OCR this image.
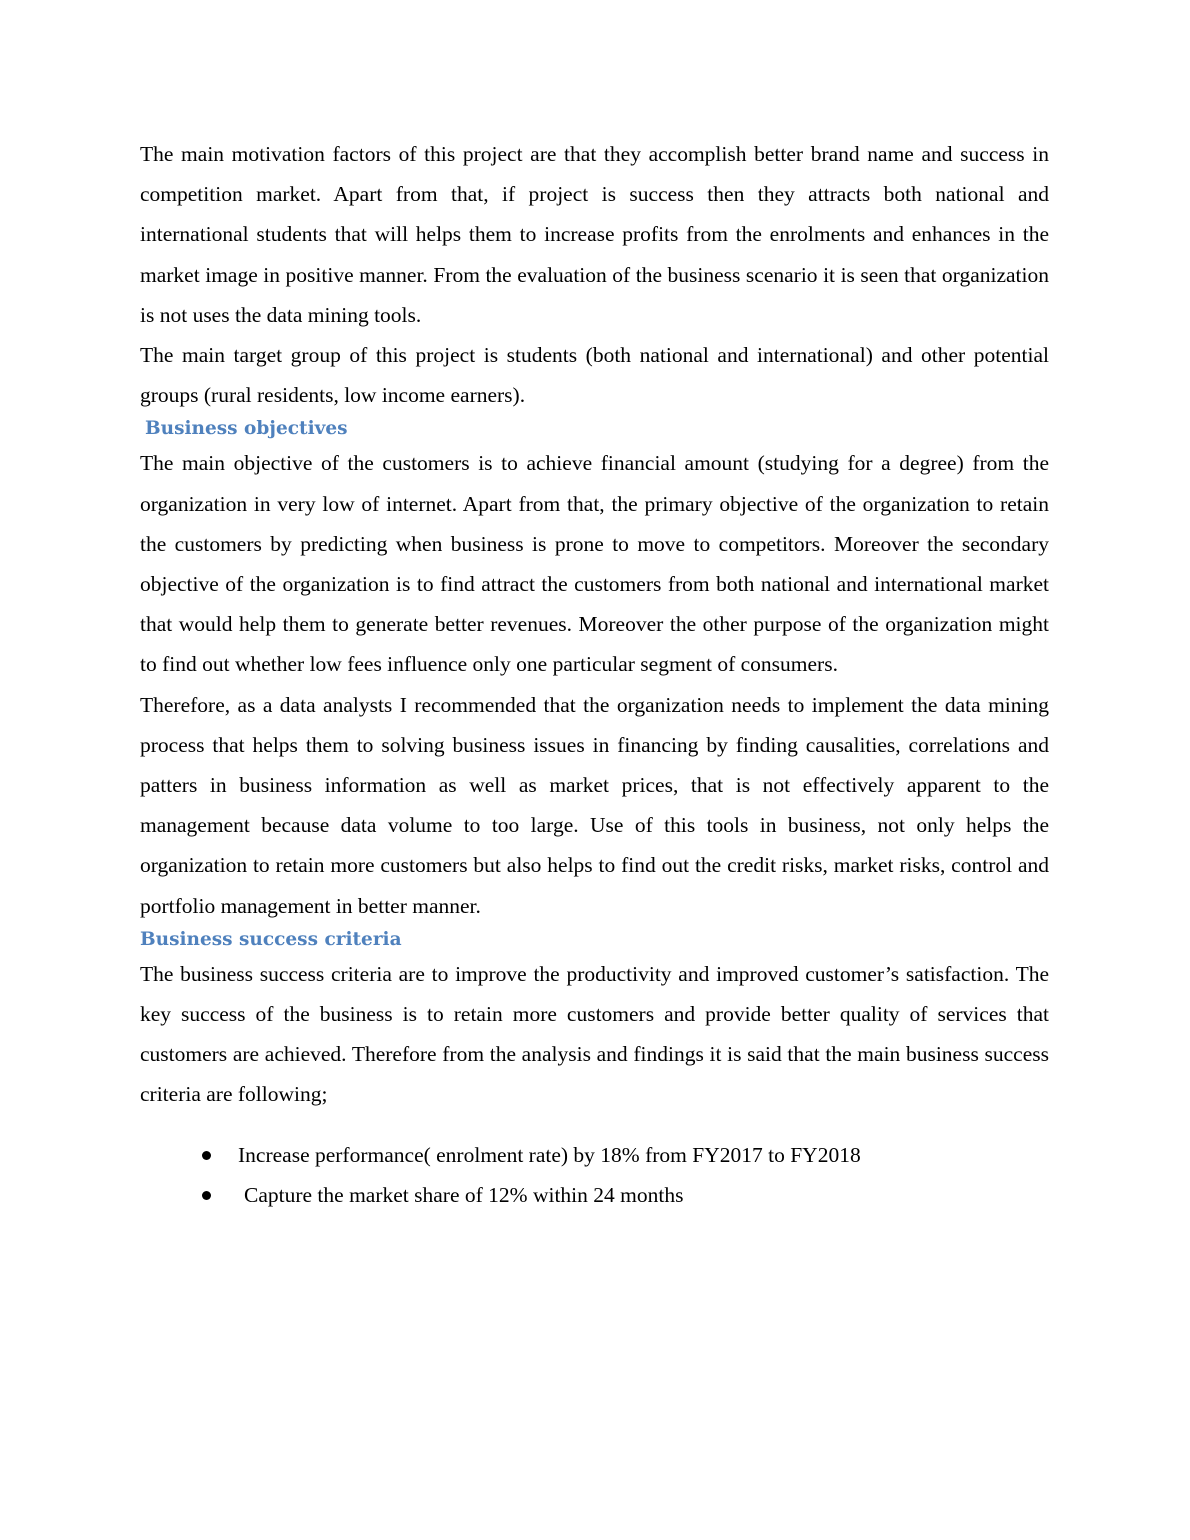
The main motivation factors of this project are that they accomplish better brand name and success in competition market. Apart from that, if project is success then they attracts both national and international students that will helps them to increase profits from the enrolments and enhances in the market image in positive manner. From the evaluation of the business scenario it is seen that organization is not uses the data mining tools.

The main target group of this project is students (both national and international) and other potential groups (rural residents, low income earners).

Business objectives

The main objective of the customers is to achieve financial amount (studying for a degree) from the organization in very low of internet. Apart from that, the primary objective of the organization to retain the customers by predicting when business is prone to move to competitors. Moreover the secondary objective of the organization is to find attract the customers from both national and international market that would help them to generate better revenues. Moreover the other purpose of the organization might to find out whether low fees influence only one particular segment of consumers.

Therefore, as a data analysts I recommended that the organization needs to implement the data mining process that helps them to solving business issues in financing by finding causalities, correlations and patters in business information as well as market prices, that is not effectively apparent to the management because data volume to too large. Use of this tools in business, not only helps the organization to retain more customers but also helps to find out the credit risks, market risks, control and portfolio management in better manner.

Business success criteria

The business success criteria are to improve the productivity and improved customer’s satisfaction. The key success of the business is to retain more customers and provide better quality of services that customers are achieved. Therefore from the analysis and findings it is said that the main business success criteria are following;

Increase performance( enrolment rate) by 18% from FY2017 to FY2018
Capture the market share of 12% within 24 months
